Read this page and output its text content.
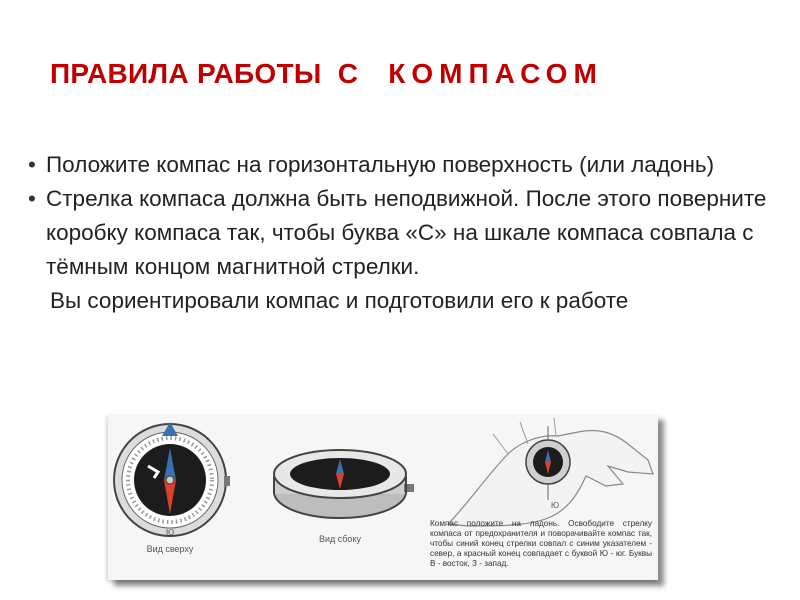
ПРАВИЛА РАБОТЫ  С КОМПАСОМ
• Положите компас на горизонтальную поверхность (или ладонь)
• Стрелка компаса должна быть неподвижной. После этого поверните коробку компаса так, чтобы буква «С» на шкале компаса совпала с тёмным концом магнитной стрелки.
Вы сориентировали компас и подготовили его к работе
Ю
Вид сверху
Вид сбоку
Ю
Компас положите на ладонь. Освободите стрелку компаса от предохранителя и поворачивайте компас так, чтобы синий конец стрелки совпал с синим указателем - север, а красный конец совпадает с буквой Ю - юг. Буквы В - восток, З - запад.
